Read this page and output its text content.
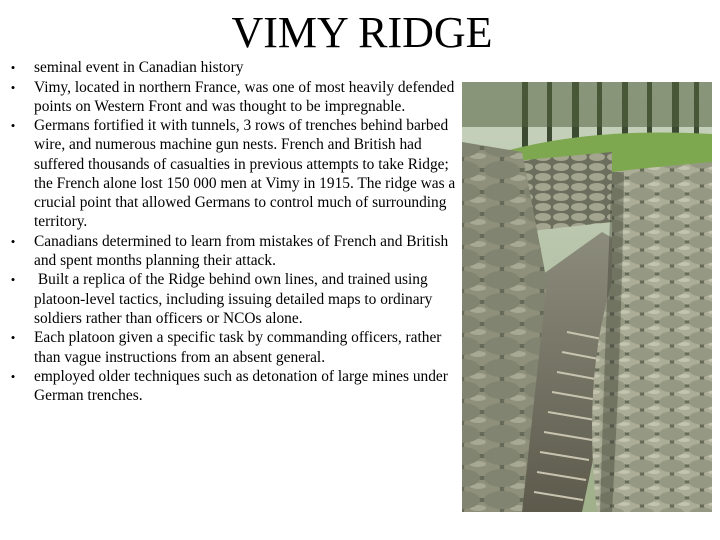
VIMY RIDGE
•	seminal event in Canadian history
•	Vimy, located in northern France, was one of most heavily defended points on Western Front and was thought to be impregnable.
•	Germans fortified it with tunnels, 3 rows of trenches behind barbed wire, and numerous machine gun nests. French and British had suffered thousands of casualties in previous attempts to take Ridge; the French alone lost 150 000 men at Vimy in 1915. The ridge was a crucial point that allowed Germans to control much of surrounding territory.
•	Canadians determined to learn from mistakes of French and British and spent months planning their attack.
•	Built a replica of the Ridge behind own lines, and trained using platoon-level tactics, including issuing detailed maps to ordinary soldiers rather than officers or NCOs alone.
•	Each platoon given a specific task by commanding officers, rather than vague instructions from an absent general.
•	employed older techniques such as detonation of large mines under German trenches.
